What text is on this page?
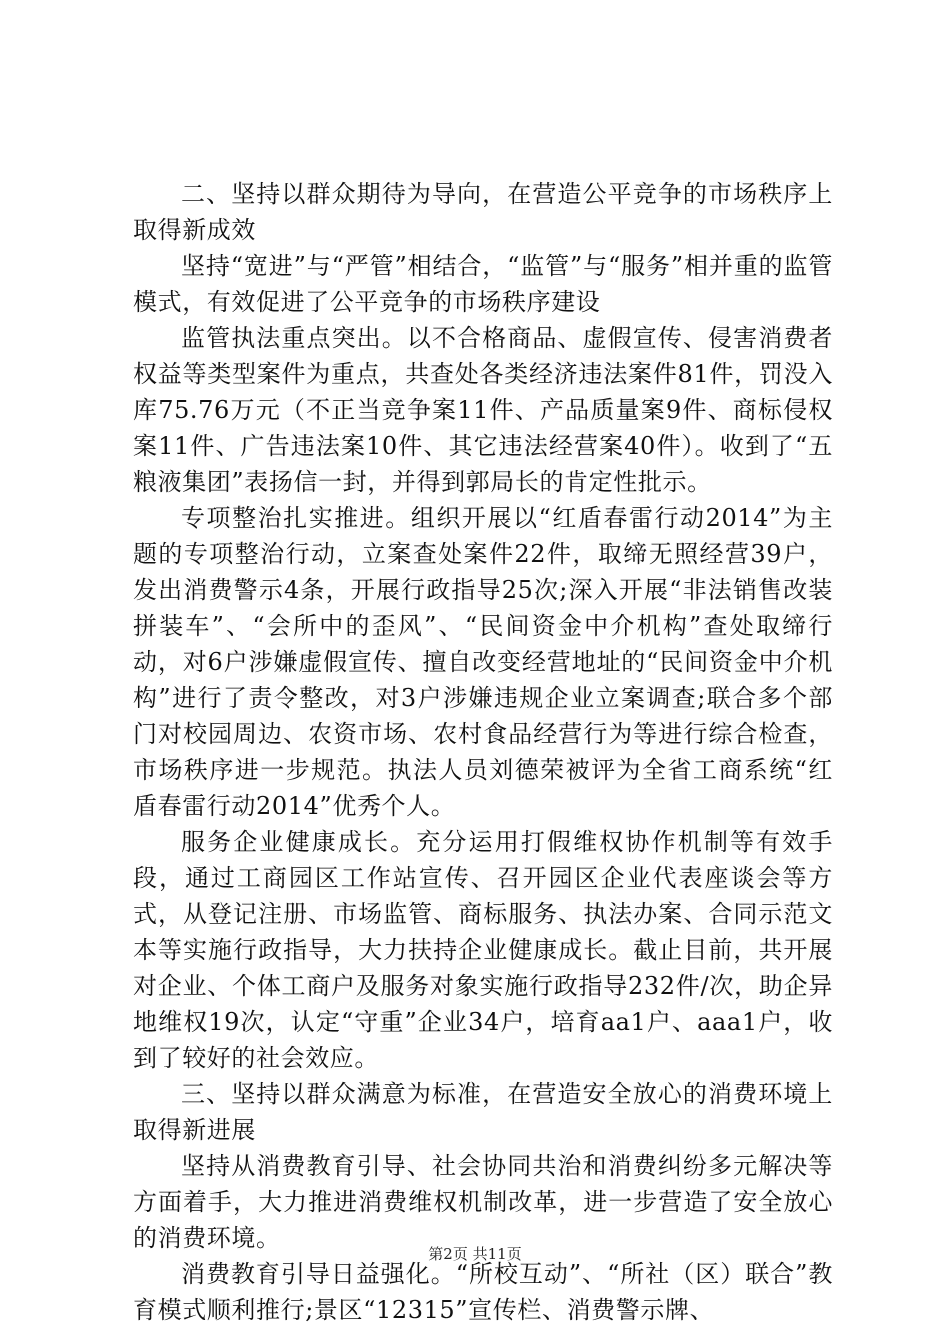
二、坚持以群众期待为导向，在营造公平竞争的市场秩序上取得新成效

坚持“宽进”与“严管”相结合，“监管”与“服务”相并重的监管模式，有效促进了公平竞争的市场秩序建设

监管执法重点突出。以不合格商品、虚假宣传、侵害消费者权益等类型案件为重点，共查处各类经济违法案件81件，罚没入库75.76万元（不正当竞争案11件、产品质量案9件、商标侵权案11件、广告违法案10件、其它违法经营案40件）。收到了“五粮液集团”表扬信一封，并得到郭局长的肯定性批示。

专项整治扎实推进。组织开展以“红盾春雷行动2014”为主题的专项整治行动，立案查处案件22件，取缔无照经营39户，发出消费警示4条，开展行政指导25次;深入开展“非法销售改装拼装车”、“会所中的歪风”、“民间资金中介机构”查处取缔行动，对6户涉嫌虚假宣传、擅自改变经营地址的“民间资金中介机构”进行了责令整改，对3户涉嫌违规企业立案调查;联合多个部门对校园周边、农资市场、农村食品经营行为等进行综合检查，市场秩序进一步规范。执法人员刘德荣被评为全省工商系统“红盾春雷行动2014”优秀个人。

服务企业健康成长。充分运用打假维权协作机制等有效手段，通过工商园区工作站宣传、召开园区企业代表座谈会等方式，从登记注册、市场监管、商标服务、执法办案、合同示范文本等实施行政指导，大力扶持企业健康成长。截止目前，共开展对企业、个体工商户及服务对象实施行政指导232件/次，助企异地维权19次，认定“守重”企业34户，培育aa1户、aaa1户，收到了较好的社会效应。

三、坚持以群众满意为标准，在营造安全放心的消费环境上取得新进展

坚持从消费教育引导、社会协同共治和消费纠纷多元解决等方面着手，大力推进消费维权机制改革，进一步营造了安全放心的消费环境。

消费教育引导日益强化。“所校互动”、“所社（区）联合”教育模式顺利推行;景区“12315”宣传栏、消费警示牌、

第2页 共11页
